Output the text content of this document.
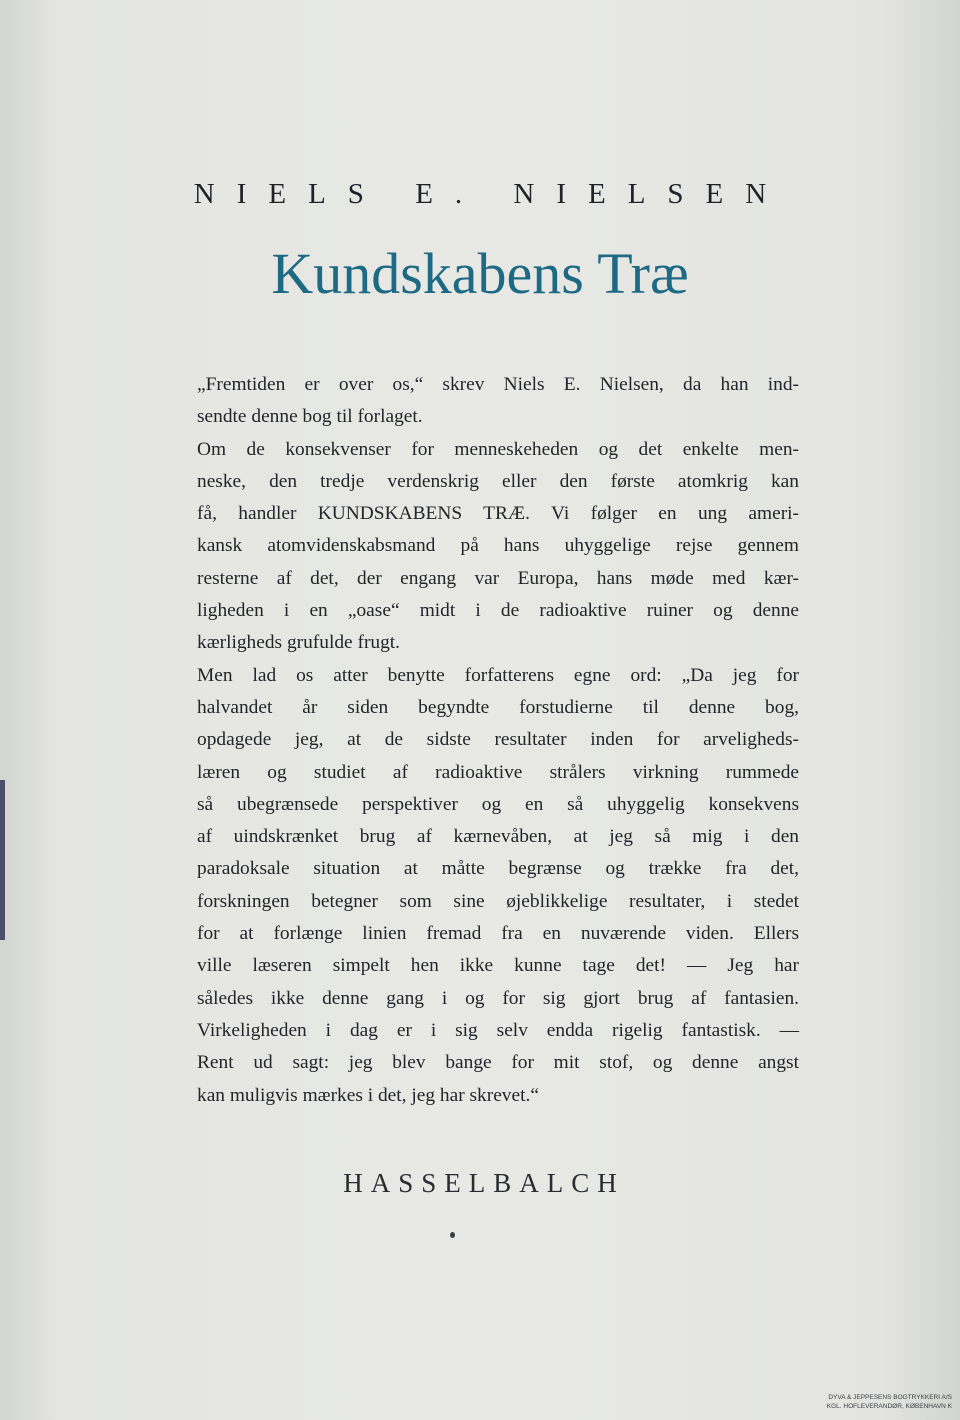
NIELS E. NIELSEN
Kundskabens Træ
„Fremtiden er over os,“ skrev Niels E. Nielsen, da han ind-
sendte denne bog til forlaget.
Om de konsekvenser for menneskeheden og det enkelte men-
neske, den tredje verdenskrig eller den første atomkrig kan
få, handler KUNDSKABENS TRÆ. Vi følger en ung ameri-
kansk atomvidenskabsmand på hans uhyggelige rejse gennem
resterne af det, der engang var Europa, hans møde med kær-
ligheden i en „oase“ midt i de radioaktive ruiner og denne
kærligheds grufulde frugt.
Men lad os atter benytte forfatterens egne ord: „Da jeg for
halvandet år siden begyndte forstudierne til denne bog,
opdagede jeg, at de sidste resultater inden for arveligheds-
læren og studiet af radioaktive strålers virkning rummede
så ubegrænsede perspektiver og en så uhyggelig konsekvens
af uindskrænket brug af kærnevåben, at jeg så mig i den
paradoksale situation at måtte begrænse og trække fra det,
forskningen betegner som sine øjeblikkelige resultater, i stedet
for at forlænge linien fremad fra en nuværende viden. Ellers
ville læseren simpelt hen ikke kunne tage det! — Jeg har
således ikke denne gang i og for sig gjort brug af fantasien.
Virkeligheden i dag er i sig selv endda rigelig fantastisk. —
Rent ud sagt: jeg blev bange for mit stof, og denne angst
kan muligvis mærkes i det, jeg har skrevet.“
HASSELBALCH
DYVA & JEPPESENS BOGTRYKKERI A/S
KGL. HOFLEVERANDØR, KØBENHAVN K
